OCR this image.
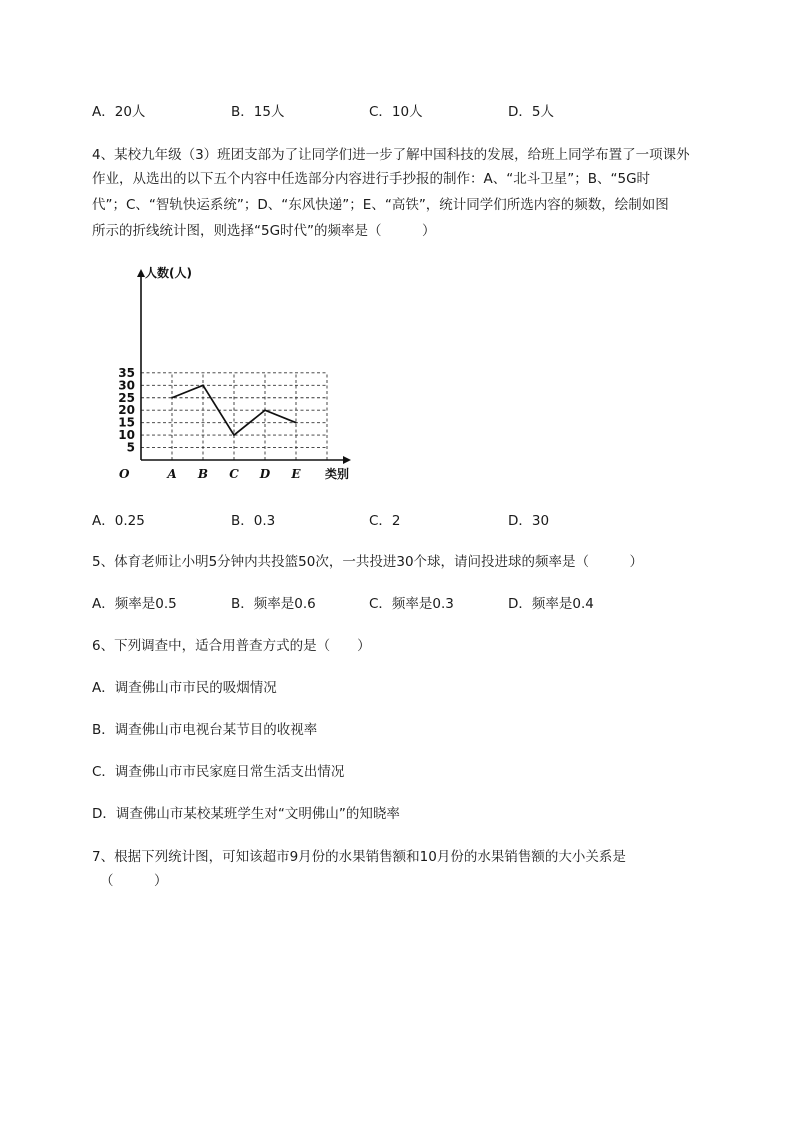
A．20人	B．15人	C．10人	D．5人
4、某校九年级（3）班团支部为了让同学们进一步了解中国科技的发展，给班上同学布置了一项课外
作业，从选出的以下五个内容中任选部分内容进行手抄报的制作：A、“北斗卫星”；B、“5G时
代”；C、“智轨快运系统”；D、“东风快递”；E、“高铁”，统计同学们所选内容的频数，绘制如图
所示的折线统计图，则选择“5G时代”的频率是（　　　）
5
10
15
20
25
30
35
A B C D E
人数(人)
类别
O
A．0.25	B．0.3	C．2	D．30
5、体育老师让小明5分钟内共投篮50次，一共投进30个球，请问投进球的频率是（　　　）
A．频率是0.5	B．频率是0.6	C．频率是0.3	D．频率是0.4
6、下列调查中，适合用普查方式的是（　　）
A．调查佛山市市民的吸烟情况
B．调查佛山市电视台某节目的收视率
C．调查佛山市市民家庭日常生活支出情况
D．调查佛山市某校某班学生对“文明佛山”的知晓率
7、根据下列统计图，可知该超市9月份的水果销售额和10月份的水果销售额的大小关系是
（　　　）
